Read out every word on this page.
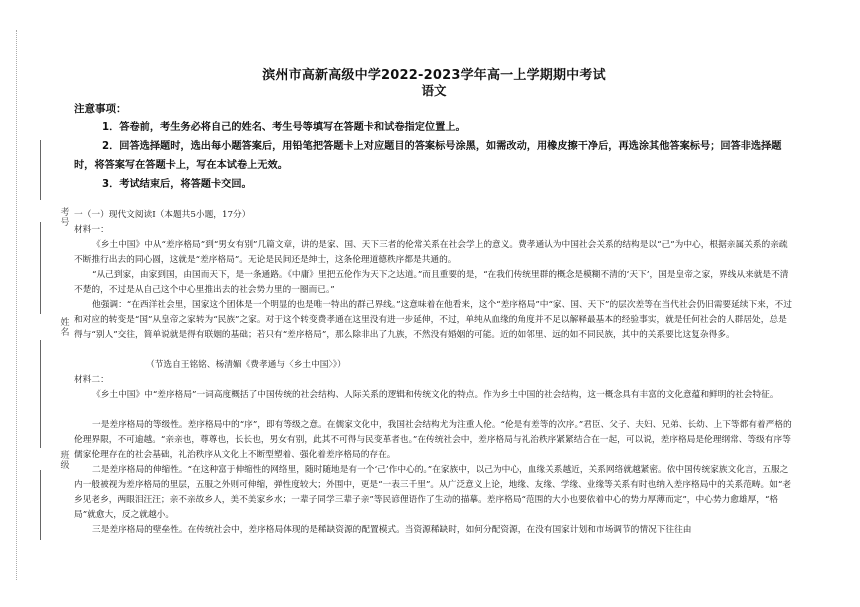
考号
姓名
班级
滨州市高新高级中学2022-2023学年高一上学期期中考试
语文
注意事项：
1．答卷前，考生务必将自己的姓名、考生号等填写在答题卡和试卷指定位置上。
2．回答选择题时，选出每小题答案后，用铅笔把答题卡上对应题目的答案标号涂黑，如需改动，用橡皮擦干净后，再选涂其他答案标号；回答非选择题时，将答案写在答题卡上，写在本试卷上无效。
3．考试结束后，将答题卡交回。
一（一）现代文阅读Ⅰ（本题共5小题，17分）
材料一：
《乡土中国》中从“差序格局”到“男女有别”几篇文章，讲的是家、国、天下三者的伦常关系在社会学上的意义。费孝通认为中国社会关系的结构是以“己”为中心，根据亲属关系的亲疏不断推行出去的同心圆，这就是“差序格局”。无论是民间还是绅士，这条伦理道德秩序都是共通的。
“从己到家，由家到国，由国而天下，是一条通路。《中庸》里把五伦作为天下之达道。”而且重要的是，“在我们传统里群的概念是模糊不清的‘天下’，国是皇帝之家，界线从来就是不清不楚的，不过是从自己这个中心里推出去的社会势力里的一圈而已。”
他强调：“在西洋社会里，国家这个团体是一个明显的也是唯一特出的群己界线。”这意味着在他看来，这个“差序格局”中“家、国、天下”的层次差等在当代社会仍旧需要延续下来，不过和对应的转变是“国”从皇帝之家转为“民族”之家。对于这个转变费孝通在这里没有进一步延伸，不过，单纯从血缘的角度并不足以解释最基本的经验事实，就是任何社会的人群居处，总是得与“别人”交往，简单说就是得有联姻的基础；若只有“差序格局”，那么除非出了九族，不然没有婚姻的可能。近的如邻里、远的如不同民族，其中的关系要比这复杂得多。
（节选自王铭铭、杨清媚《费孝通与〈乡土中国〉》）
材料二：
《乡土中国》中“差序格局”一词高度概括了中国传统的社会结构、人际关系的逻辑和传统文化的特点。作为乡土中国的社会结构，这一概念具有丰富的文化意蕴和鲜明的社会特征。
一是差序格局的等级性。差序格局中的“序”，即有等级之意。在儒家文化中，我国社会结构尤为注重人伦。“伦是有差等的次序。”君臣、父子、夫妇、兄弟、长幼、上下等都有着严格的伦理界限，不可逾越。“亲亲也，尊尊也，长长也，男女有别，此其不可得与民变革者也。”在传统社会中，差序格局与礼治秩序紧紧结合在一起，可以说，差序格局是伦理纲常、等级有序等儒家伦理存在的社会基础，礼治秩序从文化上不断型塑着、强化着差序格局的存在。
二是差序格局的伸缩性。“在这种富于伸缩性的网络里，随时随地是有一个‘己’作中心的。”在家族中，以己为中心，血缘关系越近，关系网络就越紧密。依中国传统家族文化言，五服之内一般被视为差序格局的里层，五服之外则可伸缩，弹性度较大；外围中，更是“一表三千里”。从广泛意义上论，地缘、友缘、学缘、业缘等关系有时也纳入差序格局中的关系范畴。如“老乡见老乡，两眼泪汪汪；亲不亲故乡人，美不美家乡水；一辈子同学三辈子亲”等民谚俚语作了生动的描摹。差序格局“范围的大小也要依着中心的势力厚薄而定”，中心势力愈雄厚，“格局”就愈大，反之就越小。
三是差序格局的壁垒性。在传统社会中，差序格局体现的是稀缺资源的配置模式。当资源稀缺时，如何分配资源，在没有国家计划和市场调节的情况下往往由
